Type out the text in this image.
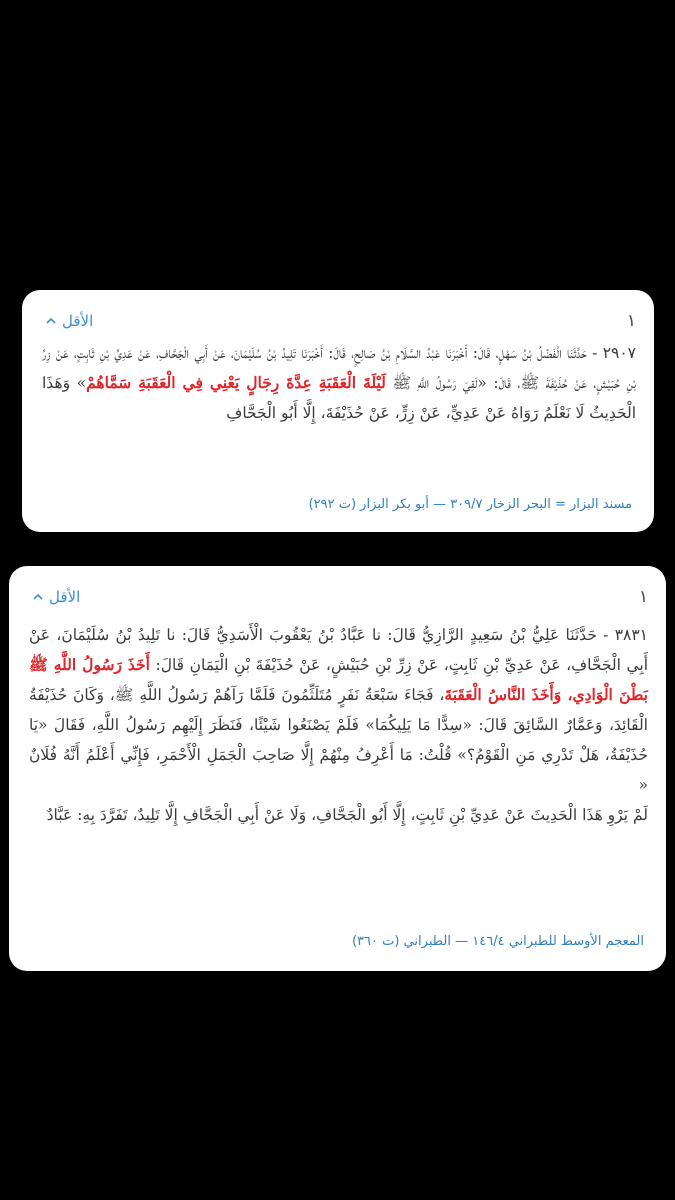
١
الأقل

٢٩٠٧ - حَدَّثَنَا الْفَضْلُ بْنُ سَهْلٍ، قَالَ: أَخْبَرَنَا عَبْدُ السَّلَامِ بْنُ صَالِحٍ، قَالَ: أَخْبَرَنَا تَلِيدُ بْنُ سُلَيْمَانَ، عَنْ أَبِي الْجَحَّافِ، عَنْ عَدِيِّ بْنِ ثَابِتٍ، عَنْ زِرِّ بْنِ حُبَيْشٍ، عَنْ حُذَيْفَةَ ﷺ، قَالَ: «لَقِيَ رَسُولُ اللَّهِ ﷺ لَيْلَةَ الْعَقَبَةِ عِدَّةَ رِجَالٍ يَعْنِي فِي الْعَقَبَةِ سَمَّاهُمْ» وَهَذَا الْحَدِيثُ لَا نَعْلَمُ رَوَاهُ عَنْ عَدِيٍّ، عَنْ زِرٍّ، عَنْ حُذَيْفَةَ، إِلَّا أَبُو الْجَحَّافِ

مسند البزار = البحر الزخار ٣٠٩/٧ — أبو بكر البزار (ت ٢٩٢)
١
الأقل

٣٨٣١ - حَدَّثَنَا عَلِيُّ بْنُ سَعِيدٍ الرَّازِيُّ قَالَ: نا عَبَّادُ بْنُ يَعْقُوبَ الْأَسَدِيُّ قَالَ: نا تَلِيدُ بْنُ سُلَيْمَانَ، عَنْ أَبِي الْجَحَّافِ، عَنْ عَدِيِّ بْنِ ثَابِتٍ، عَنْ زِرِّ بْنِ حُبَيْشٍ، عَنْ حُذَيْفَةَ بْنِ الْيَمَانِ قَالَ: أَخَذَ رَسُولُ اللَّهِ ﷺ بَطْنَ الْوَادِي، وَأَخَذَ النَّاسُ الْعَقَبَةَ، فَجَاءَ سَبْعَةُ نَفَرٍ مُتَلَثِّمُونَ فَلَمَّا رَآهُمْ رَسُولُ اللَّهِ ﷺ، وَكَانَ حُذَيْفَةُ الْقَائِدَ، وَعَمَّارٌ السَّائِقَ قَالَ: «سِدًّا مَا يَلِيكُمَا» فَلَمْ يَصْنَعُوا شَيْئًا، فَنَظَرَ إِلَيْهِم رَسُولُ اللَّهِ، فَقَالَ «يَا حُذَيْفَةُ، هَلْ تَدْرِي مَنِ الْقَوْمُ؟» قُلْتُ: مَا أَعْرِفُ مِنْهُمْ إِلَّا صَاحِبَ الْجَمَلِ الْأَحْمَرِ، فَإِنِّي أَعْلَمُ أَنَّهُ فُلَانٌ «

لَمْ يَرْوِ هَذَا الْحَدِيثَ عَنْ عَدِيِّ بْنِ ثَابِتٍ، إِلَّا أَبُو الْجَحَّافِ، وَلَا عَنْ أَبِي الْجَحَّافِ إِلَّا تَلِيدٌ، تَفَرَّدَ بِهِ: عَبَّادٌ

المعجم الأوسط للطبراني ١٤٦/٤ — الطبراني (ت ٣٦٠)
